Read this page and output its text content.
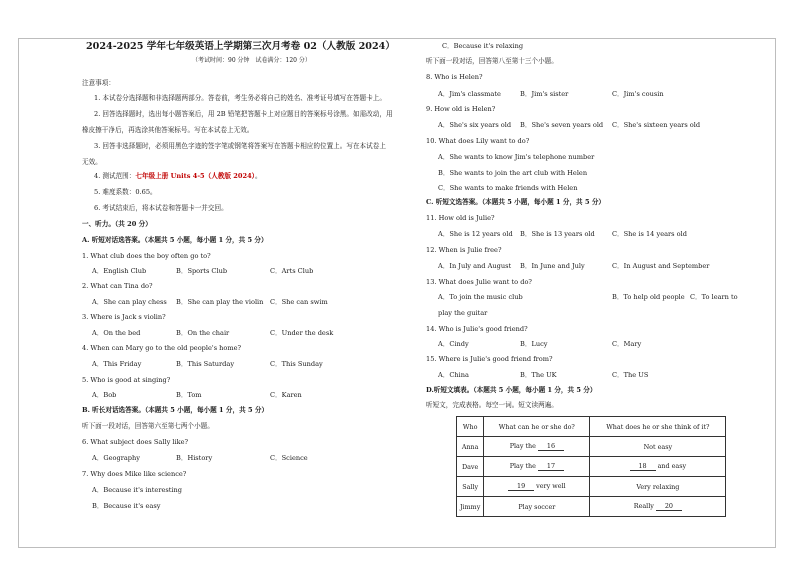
2024-2025 学年七年级英语上学期第三次月考卷 02（人教版 2024）
（考试时间：90 分钟　试卷满分：120 分）
注意事项：
1. 本试卷分选择题和非选择题两部分。答卷前，考生务必将自己的姓名、准考证号填写在答题卡上。
2. 回答选择题时，选出每小题答案后，用 2B 铅笔把答题卡上对应题目的答案标号涂黑。如需改动，用
橡皮擦干净后，再选涂其他答案标号。写在本试卷上无效。
3. 回答非选择题时，必须用黑色字迹的签字笔或钢笔将答案写在答题卡相应的位置上。写在本试卷上
无效。
4. 测试范围：七年级上册 Units 4-5（人教版 2024）。
5. 难度系数：0.65。
6. 考试结束后，将本试卷和答题卡一并交回。
一、听力。（共 20 分）
A. 听短对话选答案。（本题共 5 小题，每小题 1 分，共 5 分）
1. What club does the boy often go to?
A．English Club	B．Sports Club	C．Arts Club
2. What can Tina do?
A．She can play chess B．She can play the violin C．She can swim
3. Where is Jack s violin?
A．On the bed	B．On the chair	C．Under the desk
4. When can Mary go to the old people's home?
A．This Friday	B．This Saturday	C．This Sunday
5. Who is good at singing?
A．Bob	B．Tom	C．Karen
B. 听长对话选答案。（本题共 5 小题，每小题 1 分，共 5 分）
听下面一段对话，回答第六至第七两个小题。
6. What subject does Sally like?
A．Geography	B．History	C．Science
7. Why does Mike like science?
A．Because it's interesting
B．Because it's easy
C．Because it's relaxing
听下面一段对话，回答第八至第十三个小题。
8. Who is Helen?
A．Jim's classmate	B．Jim's sister	C．Jim's cousin
9. How old is Helen?
A．She's six years old B．She's seven years old C．She's sixteen years old
10. What does Lily want to do?
A．She wants to know Jim's telephone number
B．She wants to join the art club with Helen
C．She wants to make friends with Helen
C. 听短文选答案。（本题共 5 小题，每小题 1 分，共 5 分）
11. How old is Julie?
A．She is 12 years old B．She is 13 years old	C．She is 14 years old
12. When is Julie free?
A．In July and August B．In June and July	C．In August and September
13. What does Julie want to do?
A．To join the music club	B．To help old people C．To learn to
play the guitar
14. Who is Julie's good friend?
A．Cindy	B．Lucy	C．Mary
15. Where is Julie's good friend from?
A．China	B．The UK	C．The US
D.听短文填表。（本题共 5 小题，每小题 1 分，共 5 分）
听短文，完成表格。每空一词。短文读两遍。
Who	What can he or she do?	What does he or she think of it?
Anna	Play the 16	Not easy
Dave	Play the 17	18 and easy
Sally	19 very well	Very relaxing
Jimmy	Play soccer	Really 20
